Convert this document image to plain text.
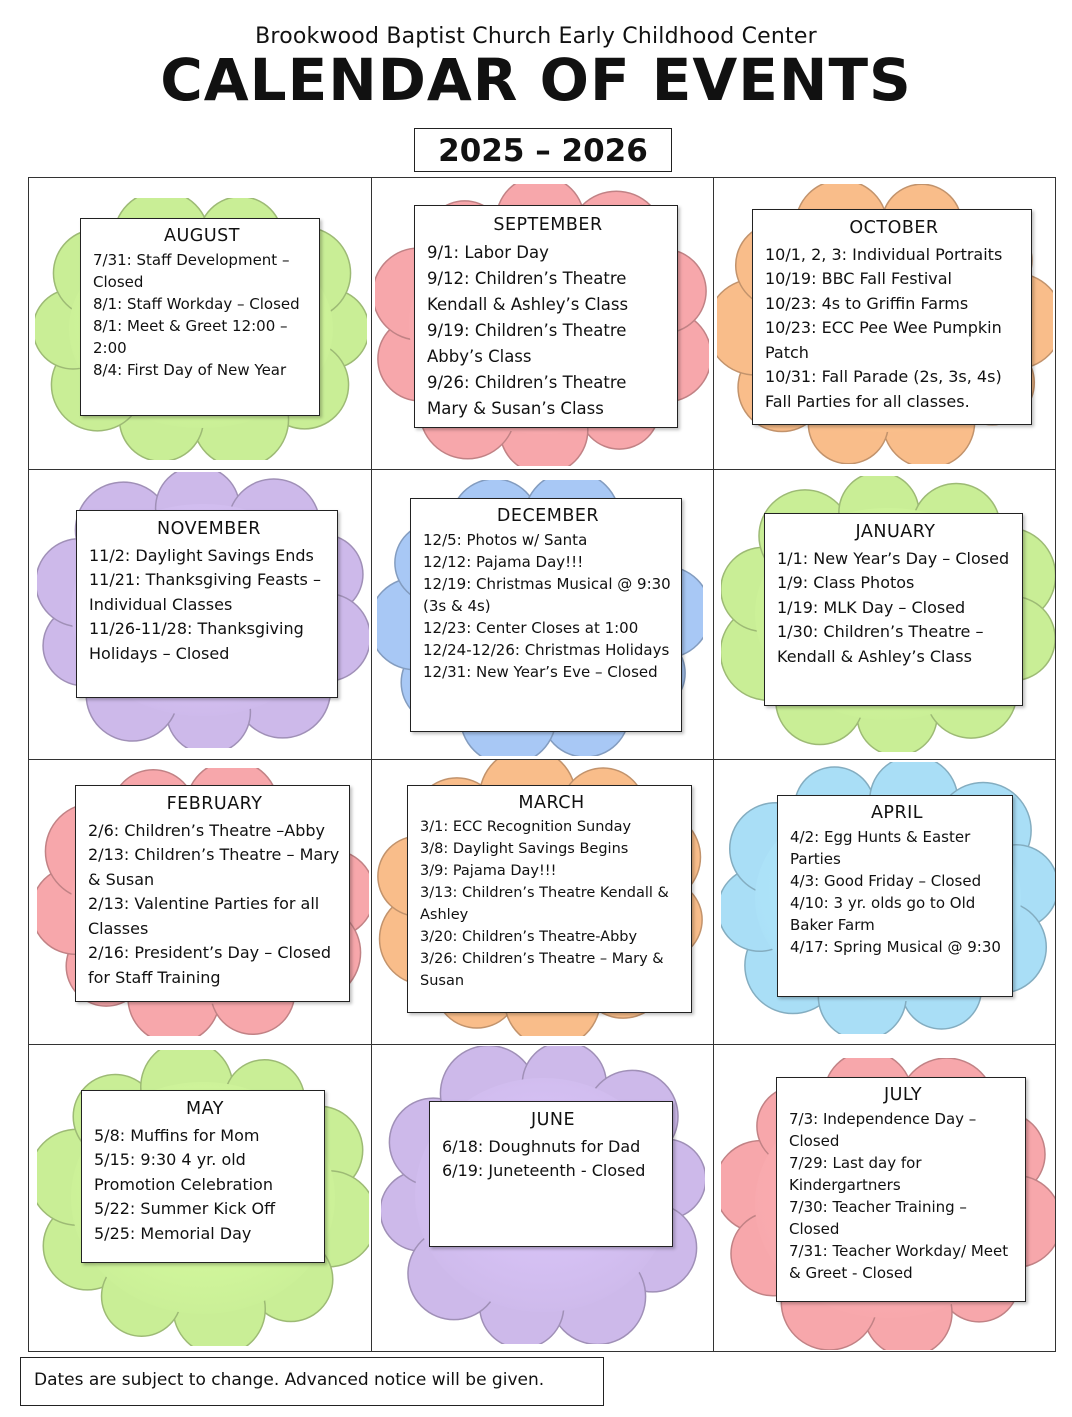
Brookwood Baptist Church Early Childhood Center
CALENDAR OF EVENTS
2025 – 2026
AUGUST

7/31: Staff Development – Closed

8/1: Staff Workday – Closed

8/1: Meet & Greet 12:00 – 2:00

8/4: First Day of New Year

SEPTEMBER

9/1: Labor Day

9/12: Children’s Theatre Kendall & Ashley’s Class

9/19: Children’s Theatre Abby’s Class

9/26: Children’s Theatre Mary & Susan’s Class

OCTOBER

10/1, 2, 3: Individual Portraits

10/19: BBC Fall Festival

10/23: 4s to Griffin Farms

10/23: ECC Pee Wee Pumpkin Patch

10/31: Fall Parade (2s, 3s, 4s) Fall Parties for all classes.

NOVEMBER

11/2: Daylight Savings Ends

11/21: Thanksgiving Feasts – Individual Classes

11/26-11/28: Thanksgiving Holidays – Closed

DECEMBER

12/5: Photos w/ Santa

12/12: Pajama Day!!!

12/19: Christmas Musical @ 9:30 (3s & 4s)

12/23: Center Closes at 1:00

12/24-12/26: Christmas Holidays

12/31: New Year’s Eve – Closed

JANUARY

1/1: New Year’s Day – Closed

1/9: Class Photos

1/19: MLK Day – Closed

1/30: Children’s Theatre – Kendall & Ashley’s Class

FEBRUARY

2/6: Children’s Theatre –Abby

2/13: Children’s Theatre – Mary & Susan

2/13: Valentine Parties for all Classes

2/16: President’s Day – Closed for Staff Training

MARCH

3/1: ECC Recognition Sunday

3/8: Daylight Savings Begins

3/9: Pajama Day!!!

3/13: Children’s Theatre Kendall & Ashley

3/20: Children’s Theatre-Abby

3/26: Children’s Theatre – Mary & Susan

APRIL

4/2: Egg Hunts & Easter Parties

4/3: Good Friday – Closed

4/10: 3 yr. olds go to Old Baker Farm

4/17: Spring Musical @ 9:30

MAY

5/8: Muffins for Mom

5/15: 9:30 4 yr. old Promotion Celebration

5/22: Summer Kick Off

5/25: Memorial Day

JUNE

6/18: Doughnuts for Dad

6/19: Juneteenth - Closed

JULY

7/3: Independence Day – Closed

7/29: Last day for Kindergartners

7/30: Teacher Training – Closed

7/31: Teacher Workday/ Meet & Greet - Closed

Dates are subject to change. Advanced notice will be given.
